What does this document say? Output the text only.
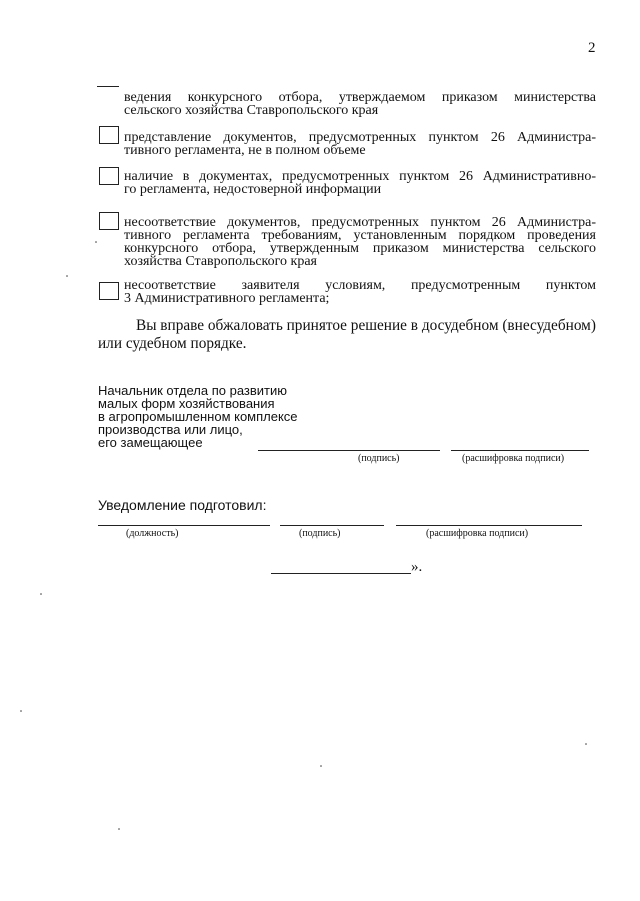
2

ведения конкурсного отбора, утверждаемом приказом министерства

сельского хозяйства Ставропольского края

представление документов, предусмотренных пунктом 26 Администра-

тивного регламента, не в полном объеме

наличие в документах, предусмотренных пунктом 26 Административно-

го регламента, недостоверной информации

несоответствие документов, предусмотренных пунктом 26 Администра-

тивного регламента требованиям, установленным порядком проведения

конкурсного отбора, утвержденным приказом министерства сельского

хозяйства Ставропольского края

несоответствие заявителя условиям, предусмотренным пунктом

3 Административного регламента;

Вы вправе обжаловать принятое решение в досудебном (внесудебном)
или судебном порядке.
Начальник отдела по развитию
малых форм хозяйствования
в агропромышленном комплексе
производства или лицо,
его замещающее
(подпись)	(расшифровка подписи)
Уведомление подготовил:
(должность)	(подпись)	(расшифровка подписи)
».
